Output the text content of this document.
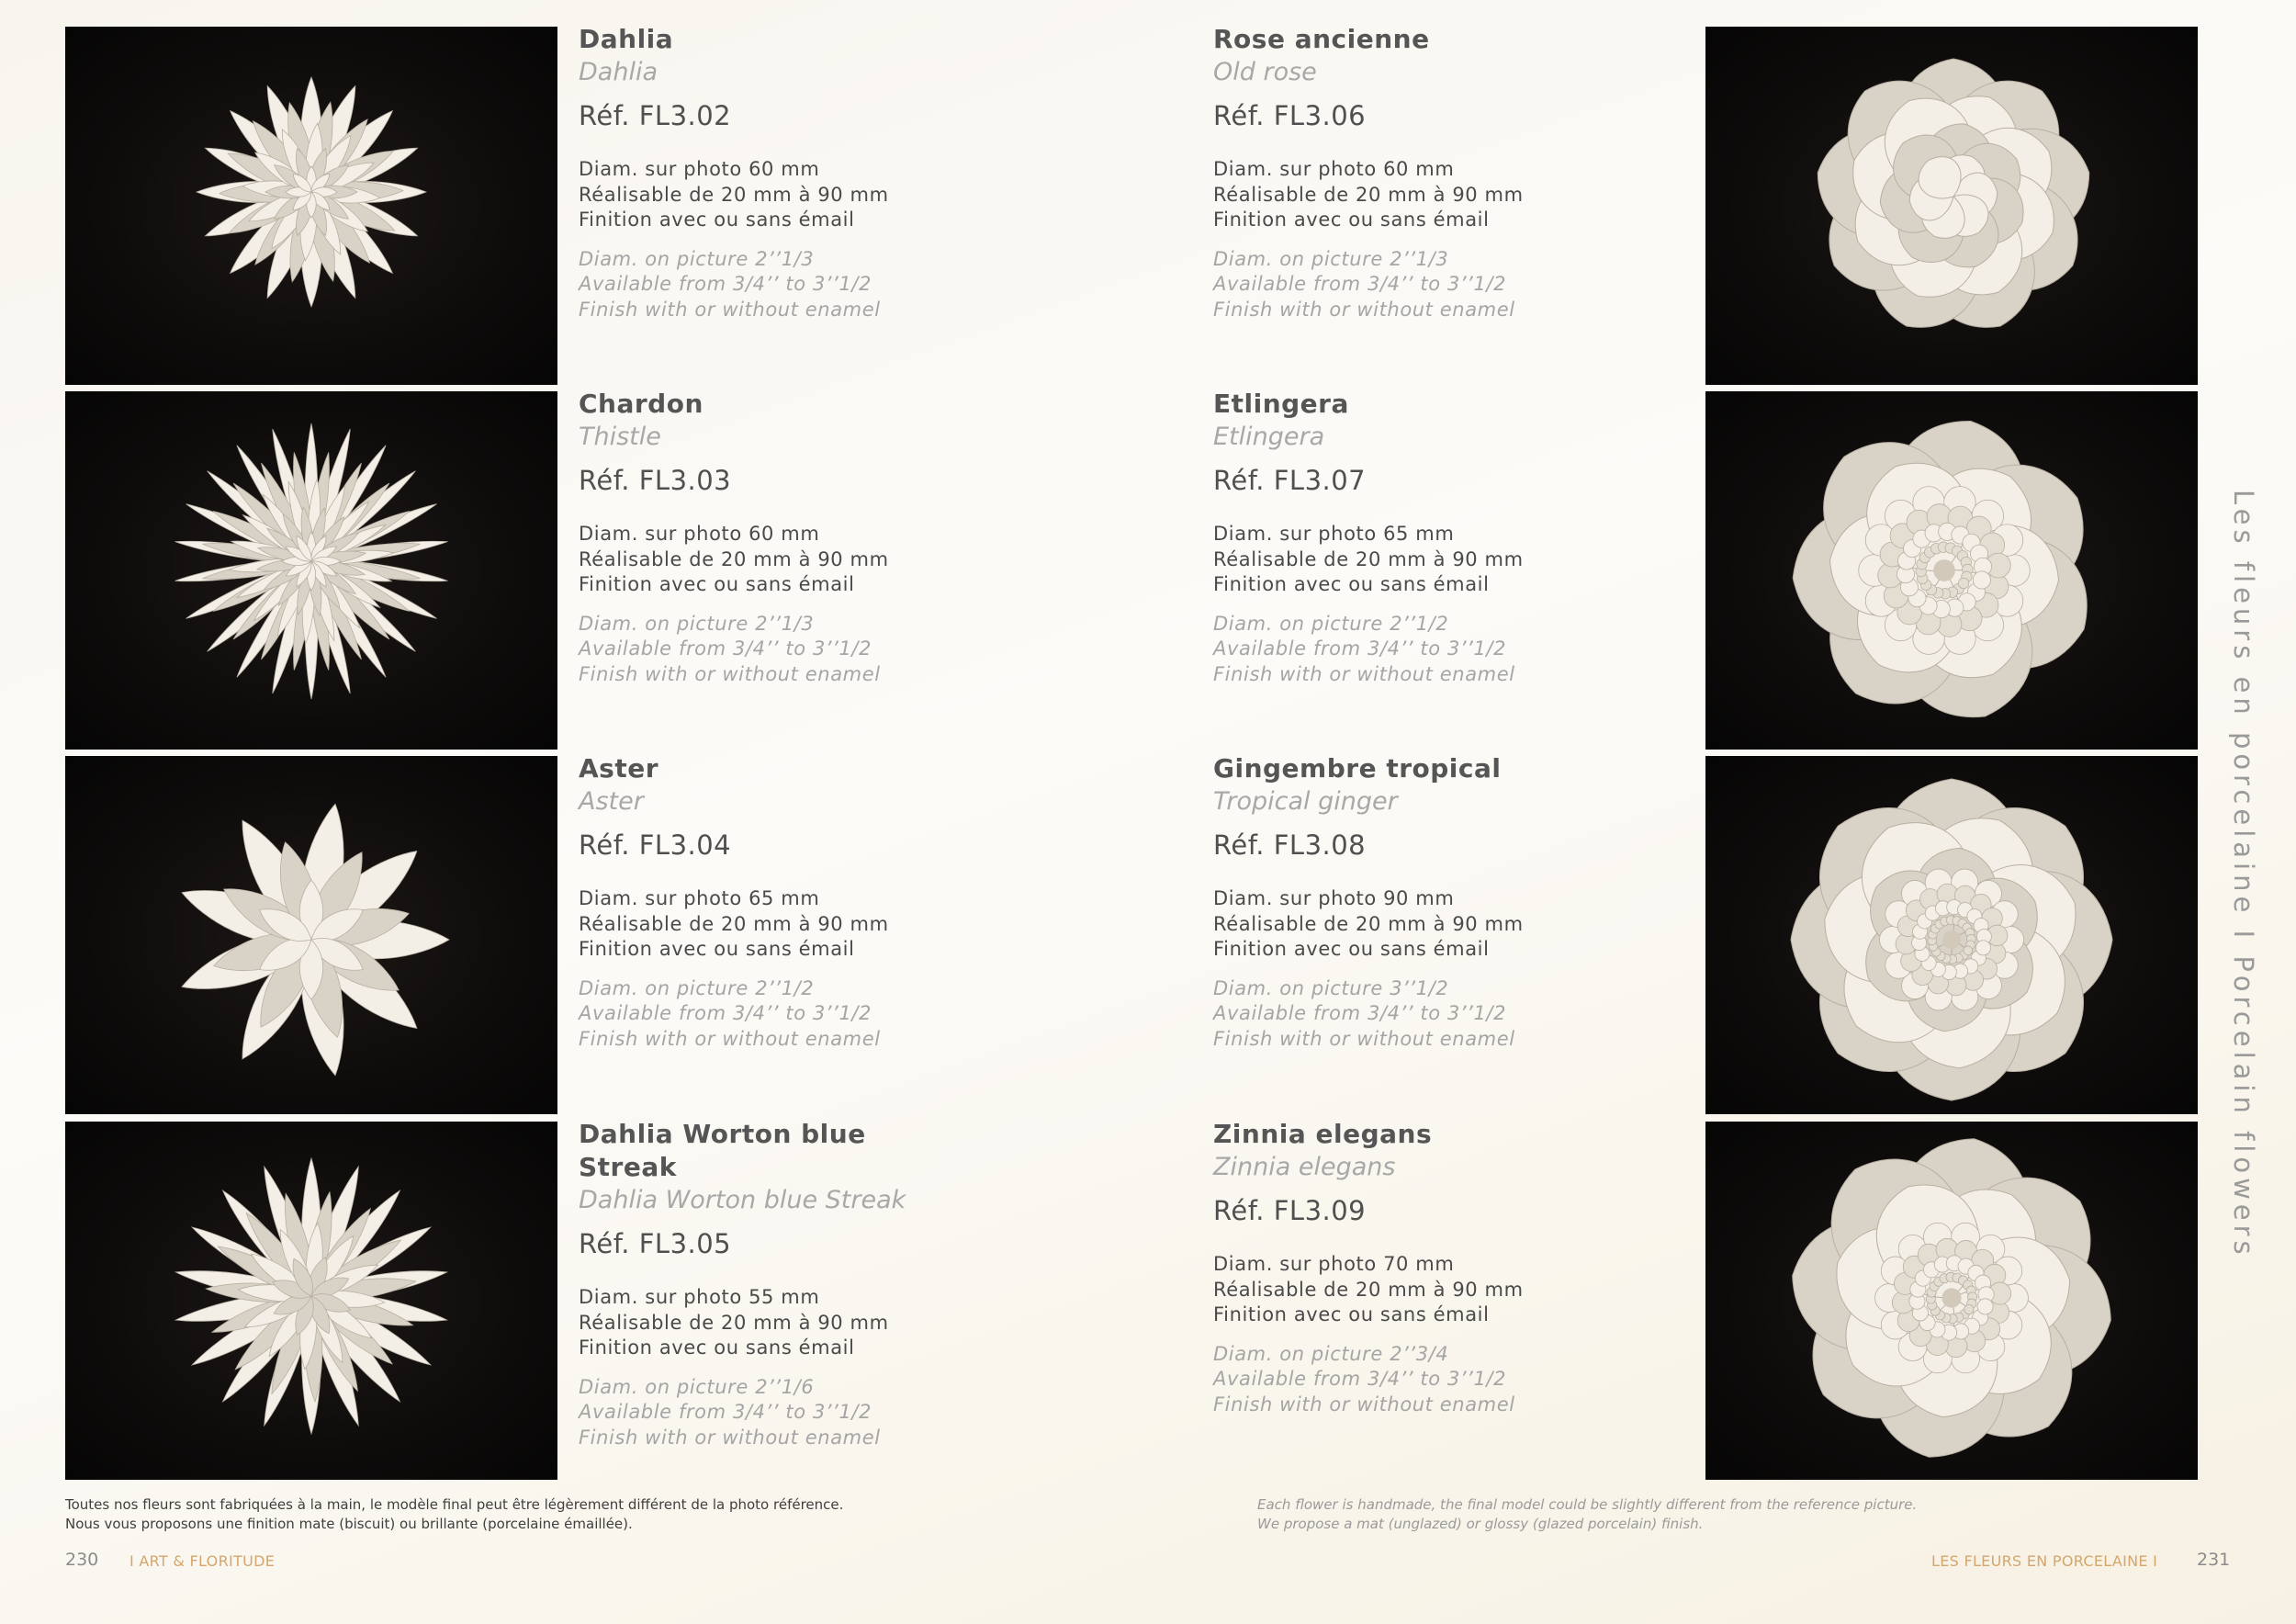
Dahlia
Dahlia
Réf. FL3.02
Diam. sur photo 60 mm
Réalisable de 20 mm à 90 mm
Finition avec ou sans émail
Diam. on picture 2’’1/3
Available from 3/4’’ to 3’’1/2
Finish with or without enamel
Chardon
Thistle
Réf. FL3.03
Diam. sur photo 60 mm
Réalisable de 20 mm à 90 mm
Finition avec ou sans émail
Diam. on picture 2’’1/3
Available from 3/4’’ to 3’’1/2
Finish with or without enamel
Aster
Aster
Réf. FL3.04
Diam. sur photo 65 mm
Réalisable de 20 mm à 90 mm
Finition avec ou sans émail
Diam. on picture 2’’1/2
Available from 3/4’’ to 3’’1/2
Finish with or without enamel
Dahlia Worton blue
Streak
Dahlia Worton blue Streak
Réf. FL3.05
Diam. sur photo 55 mm
Réalisable de 20 mm à 90 mm
Finition avec ou sans émail
Diam. on picture 2’’1/6
Available from 3/4’’ to 3’’1/2
Finish with or without enamel
Rose ancienne
Old rose
Réf. FL3.06
Diam. sur photo 60 mm
Réalisable de 20 mm à 90 mm
Finition avec ou sans émail
Diam. on picture 2’’1/3
Available from 3/4’’ to 3’’1/2
Finish with or without enamel
Etlingera
Etlingera
Réf. FL3.07
Diam. sur photo 65 mm
Réalisable de 20 mm à 90 mm
Finition avec ou sans émail
Diam. on picture 2’’1/2
Available from 3/4’’ to 3’’1/2
Finish with or without enamel
Gingembre tropical
Tropical ginger
Réf. FL3.08
Diam. sur photo 90 mm
Réalisable de 20 mm à 90 mm
Finition avec ou sans émail
Diam. on picture 3’’1/2
Available from 3/4’’ to 3’’1/2
Finish with or without enamel
Zinnia elegans
Zinnia elegans
Réf. FL3.09
Diam. sur photo 70 mm
Réalisable de 20 mm à 90 mm
Finition avec ou sans émail
Diam. on picture 2’’3/4
Available from 3/4’’ to 3’’1/2
Finish with or without enamel
Toutes nos fleurs sont fabriquées à la main, le modèle final peut être légèrement différent de la photo référence.
Nous vous proposons une finition mate (biscuit) ou brillante (porcelaine émaillée).
Each flower is handmade, the final model could be slightly different from the reference picture.
We propose a mat (unglazed) or glossy (glazed porcelain) finish.
230 I ART & FLORITUDE	LES FLEURS EN PORCELAINE I 231
Les fleurs en porcelaine I Porcelain flowers
